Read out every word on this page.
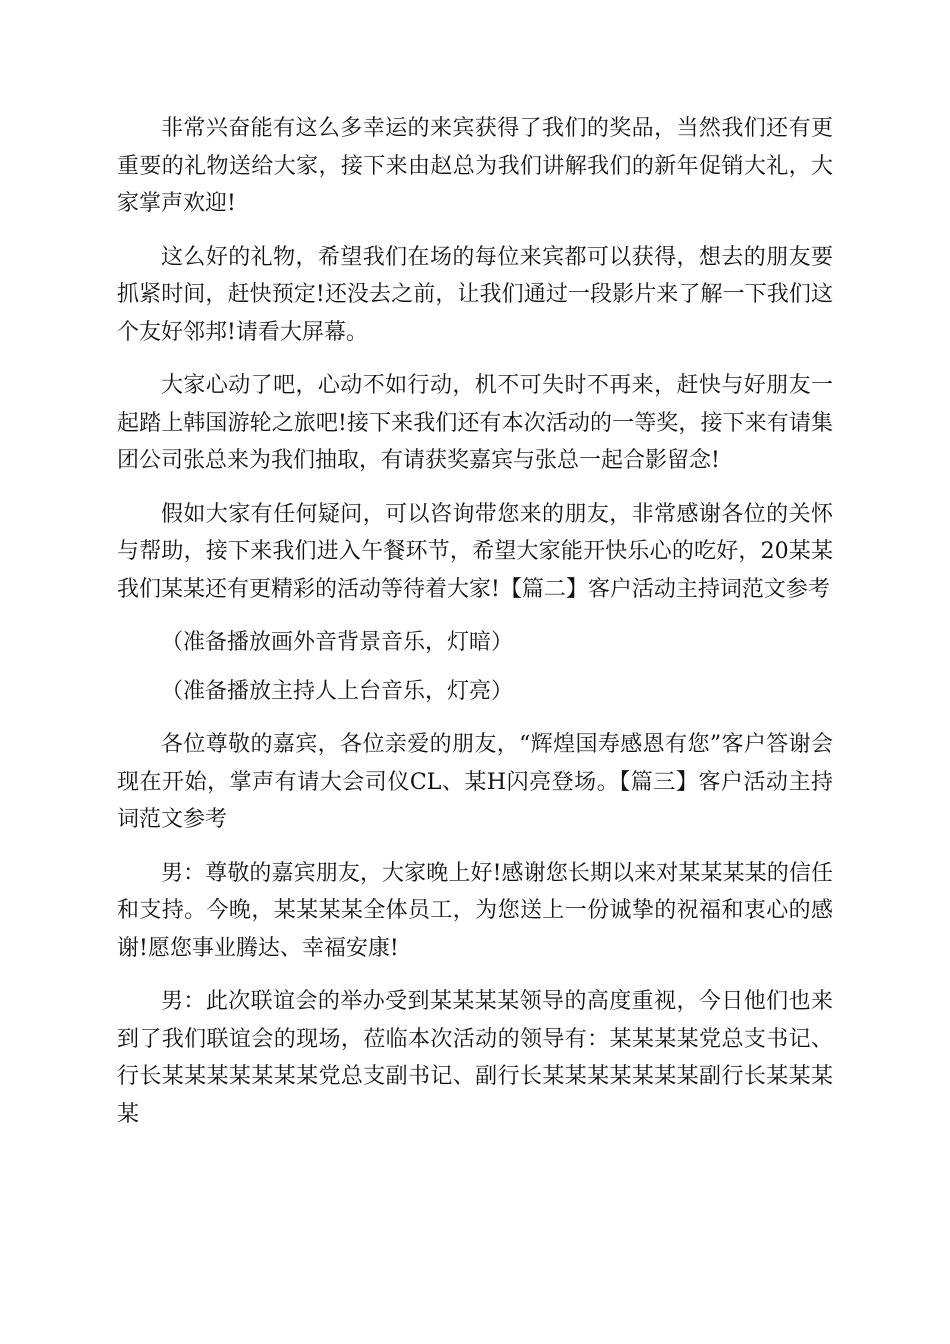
非常兴奋能有这么多幸运的来宾获得了我们的奖品，当然我们还有更重要的礼物送给大家，接下来由赵总为我们讲解我们的新年促销大礼，大家掌声欢迎!

这么好的礼物，希望我们在场的每位来宾都可以获得，想去的朋友要抓紧时间，赶快预定!还没去之前，让我们通过一段影片来了解一下我们这个友好邻邦!请看大屏幕。

大家心动了吧，心动不如行动，机不可失时不再来，赶快与好朋友一起踏上韩国游轮之旅吧!接下来我们还有本次活动的一等奖，接下来有请集团公司张总来为我们抽取，有请获奖嘉宾与张总一起合影留念!

假如大家有任何疑问，可以咨询带您来的朋友，非常感谢各位的关怀与帮助，接下来我们进入午餐环节，希望大家能开快乐心的吃好，20某某我们某某还有更精彩的活动等待着大家!【篇二】客户活动主持词范文参考

（准备播放画外音背景音乐，灯暗）

（准备播放主持人上台音乐，灯亮）

各位尊敬的嘉宾，各位亲爱的朋友，“辉煌国寿感恩有您”客户答谢会现在开始，掌声有请大会司仪CL、某H闪亮登场。【篇三】客户活动主持词范文参考

男：尊敬的嘉宾朋友，大家晚上好!感谢您长期以来对某某某某的信任和支持。今晚，某某某某全体员工，为您送上一份诚挚的祝福和衷心的感谢!愿您事业腾达、幸福安康!

男：此次联谊会的举办受到某某某某领导的高度重视，今日他们也来到了我们联谊会的现场，莅临本次活动的领导有：某某某某党总支书记、行长某某某某某某某党总支副书记、副行长某某某某某某某副行长某某某某
